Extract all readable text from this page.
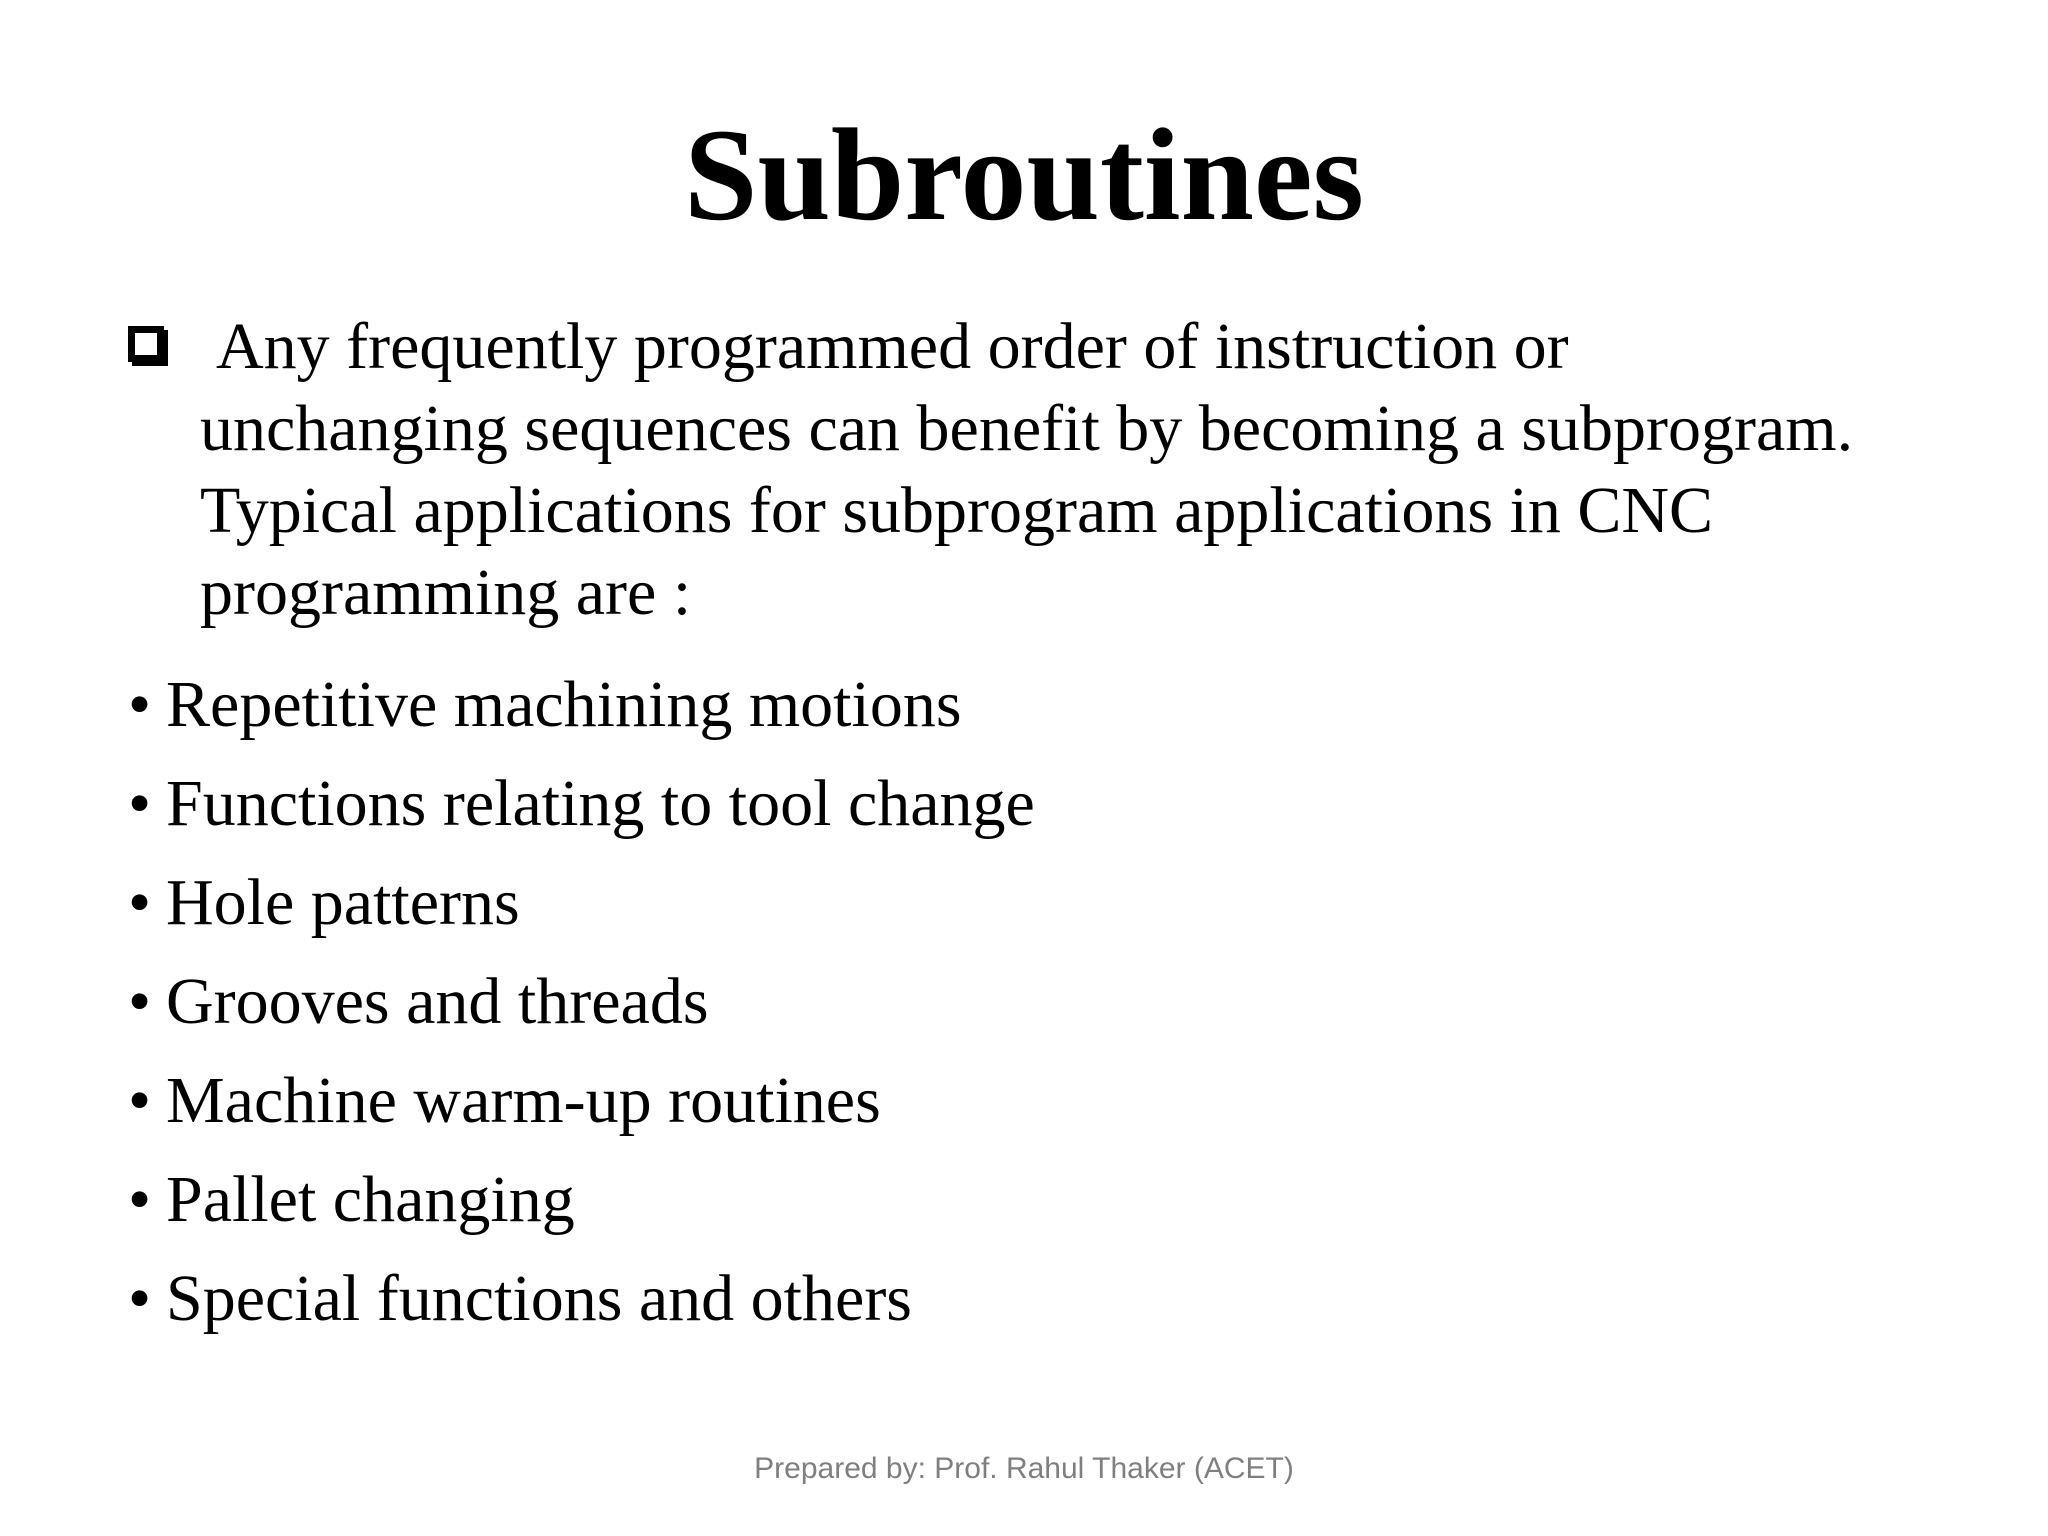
Subroutines
Any frequently programmed order of instruction or
unchanging sequences can benefit by becoming a subprogram.
Typical applications for subprogram applications in CNC
programming are :
• Repetitive machining motions
• Functions relating to tool change
• Hole patterns
• Grooves and threads
• Machine warm-up routines
• Pallet changing
• Special functions and others
Prepared by: Prof. Rahul Thaker (ACET)
